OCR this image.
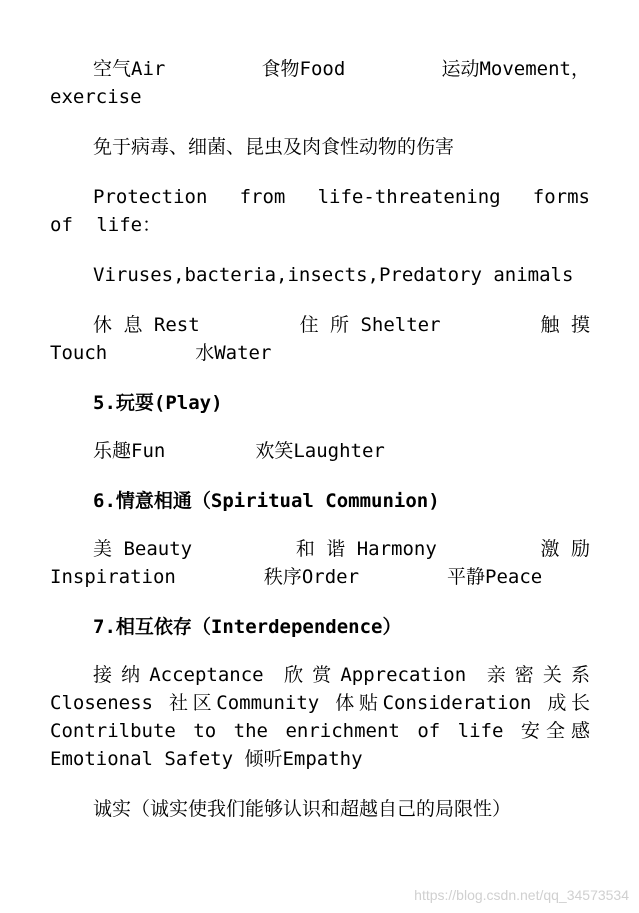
空气Air	食物Food	运动Movement，
exercise

免于病毒、细菌、昆虫及肉食性动物的伤害

Protection from life-threatening forms of life：

Viruses,bacteria,insects,Predatory animals

休 息 Rest	住 所 Shelter	触 摸
Touch	水Water

5.玩耍(Play)

乐趣Fun	欢笑Laughter

6.情意相通（Spiritual Communion)

美 Beauty	和 谐 Harmony	激 励
Inspiration	秩序Order	平静Peace

7.相互依存（Interdependence）

接纳Acceptance 欣赏Apprecation 亲密关系Closeness 社区Community 体贴Consideration 成长Contrilbute to the enrichment of life 安全感Emotional Safety 倾听Empathy

诚实（诚实使我们能够认识和超越自己的局限性）

https://blog.csdn.net/qq_34573534
